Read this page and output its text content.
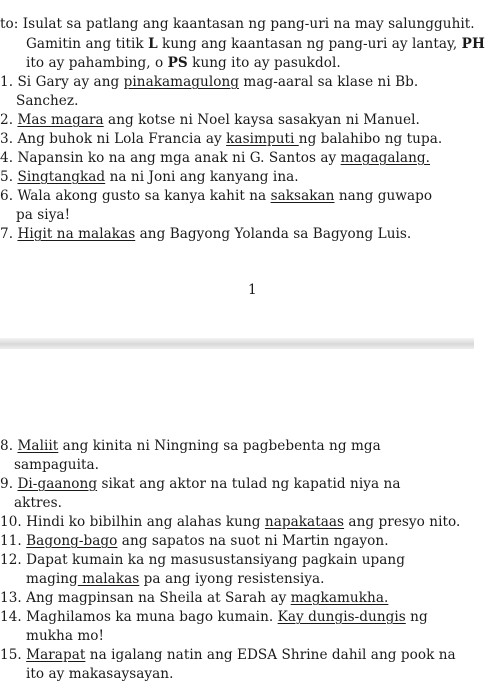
to: Isulat sa patlang ang kaantasan ng pang-uri na may salungguhit.
Gamitin ang titik L kung ang kaantasan ng pang-uri ay lantay, PH
ito ay pahambing, o PS kung ito ay pasukdol.
1. Si Gary ay ang pinakamagulong mag-aaral sa klase ni Bb.
Sanchez.
2. Mas magara ang kotse ni Noel kaysa sasakyan ni Manuel.
3. Ang buhok ni Lola Francia ay kasimputi ng balahibo ng tupa.
4. Napansin ko na ang mga anak ni G. Santos ay magagalang.
5. Singtangkad na ni Joni ang kanyang ina.
6. Wala akong gusto sa kanya kahit na saksakan nang guwapo
pa siya!
7. Higit na malakas ang Bagyong Yolanda sa Bagyong Luis.
1
8. Maliit ang kinita ni Ningning sa pagbebenta ng mga
sampaguita.
9. Di-gaanong sikat ang aktor na tulad ng kapatid niya na
aktres.
10. Hindi ko bibilhin ang alahas kung napakataas ang presyo nito.
11. Bagong-bago ang sapatos na suot ni Martin ngayon.
12. Dapat kumain ka ng masusustansiyang pagkain upang
maging malakas pa ang iyong resistensiya.
13. Ang magpinsan na Sheila at Sarah ay magkamukha.
14. Maghilamos ka muna bago kumain. Kay dungis-dungis ng
mukha mo!
15. Marapat na igalang natin ang EDSA Shrine dahil ang pook na
ito ay makasaysayan.
